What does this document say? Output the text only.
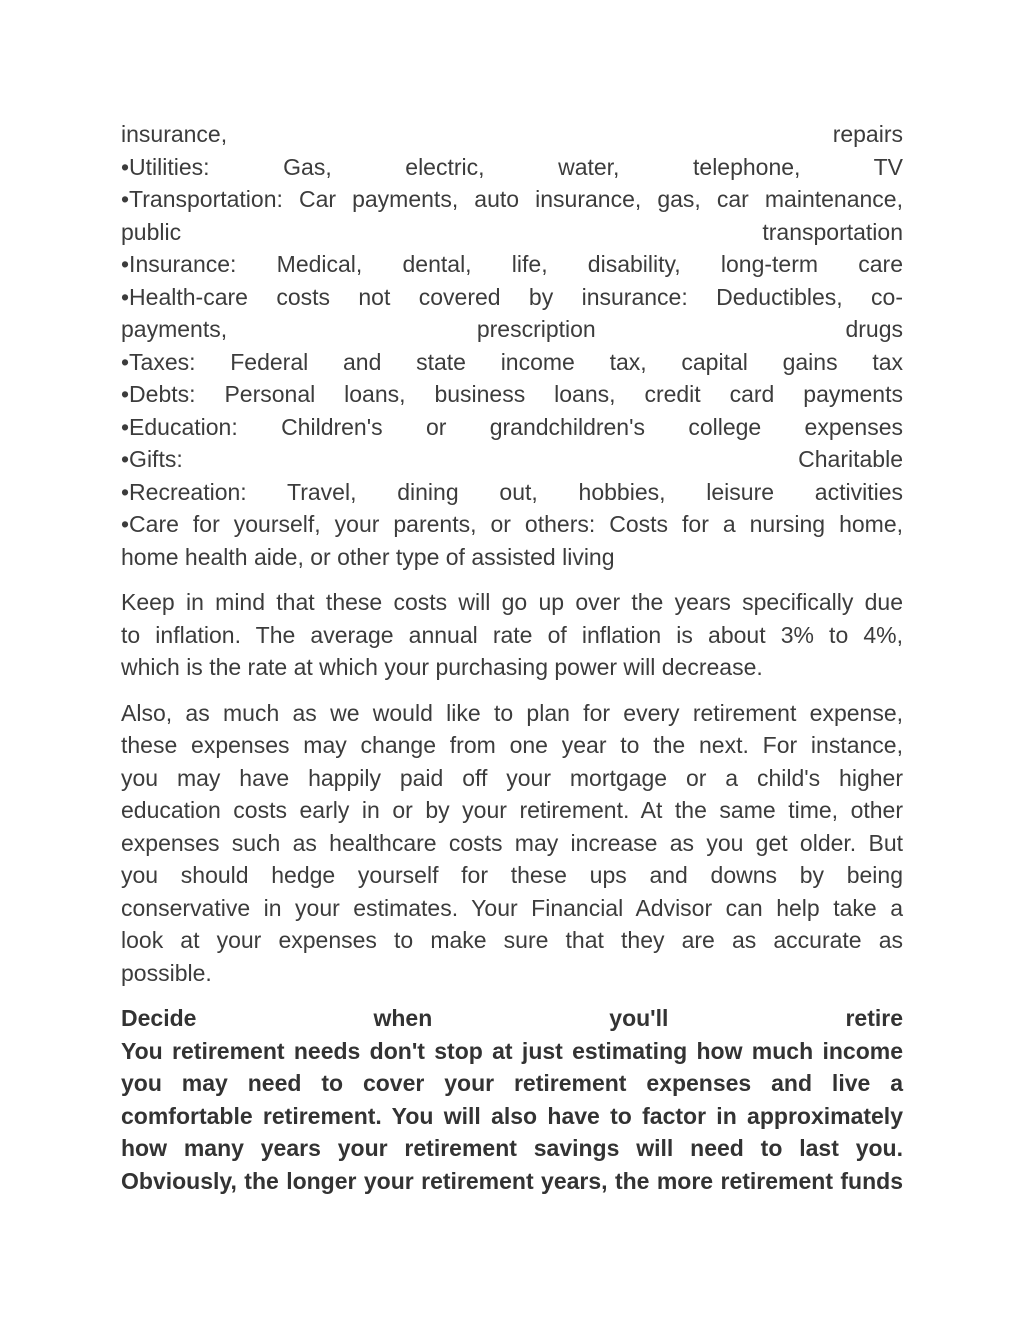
insurance, repairs
•Utilities: Gas, electric, water, telephone, TV
•Transportation: Car payments, auto insurance, gas, car maintenance,
public transportation
•Insurance: Medical, dental, life, disability, long-term care
•Health-care costs not covered by insurance: Deductibles, co-
payments, prescription drugs
•Taxes: Federal and state income tax, capital gains tax
•Debts: Personal loans, business loans, credit card payments
•Education: Children's or grandchildren's college expenses
•Gifts: Charitable
•Recreation: Travel, dining out, hobbies, leisure activities
•Care for yourself, your parents, or others: Costs for a nursing home,
home health aide, or other type of assisted living
Keep in mind that these costs will go up over the years specifically due
to inflation. The average annual rate of inflation is about 3% to 4%,
which is the rate at which your purchasing power will decrease.
Also, as much as we would like to plan for every retirement expense,
these expenses may change from one year to the next. For instance,
you may have happily paid off your mortgage or a child's higher
education costs early in or by your retirement. At the same time, other
expenses such as healthcare costs may increase as you get older. But
you should hedge yourself for these ups and downs by being
conservative in your estimates. Your Financial Advisor can help take a
look at your expenses to make sure that they are as accurate as
possible.
Decide when you'll retire
You retirement needs don't stop at just estimating how much income
you may need to cover your retirement expenses and live a
comfortable retirement. You will also have to factor in approximately
how many years your retirement savings will need to last you.
Obviously, the longer your retirement years, the more retirement funds
